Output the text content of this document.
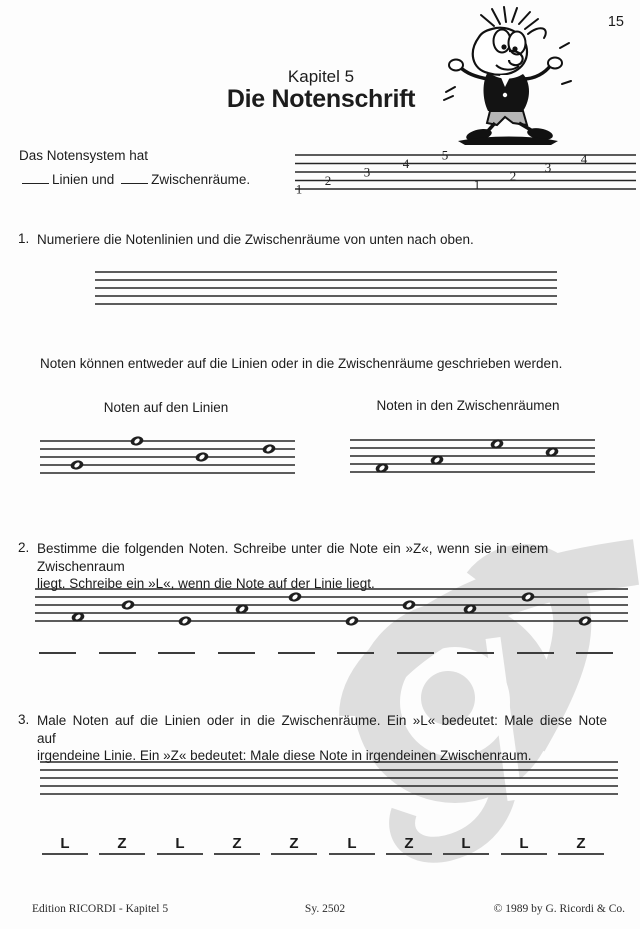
15
Kapitel 5
Die Notenschrift
Das Notensystem hat
Linien und	Zwischenräume.
1. Numeriere die Notenlinien und die Zwischenräume von unten nach oben.
Noten können entweder auf die Linien oder in die Zwischenräume geschrieben werden.
Noten auf den Linien	Noten in den Zwischenräumen
2. Bestimme die folgenden Noten. Schreibe unter die Note ein »Z«, wenn sie in einem Zwischenraum
liegt. Schreibe ein »L«, wenn die Note auf der Linie liegt.
3. Male Noten auf die Linien oder in die Zwischenräume. Ein »L« bedeutet: Male diese Note auf
irgendeine Linie. Ein »Z« bedeutet: Male diese Note in irgendeinen Zwischenraum.
L	Z	L	Z	Z	L	Z	L	L	Z
1
2
3
4
5
1
2
3
4
Edition RICORDI - Kapitel 5	Sy. 2502	© 1989 by G. Ricordi & Co.
